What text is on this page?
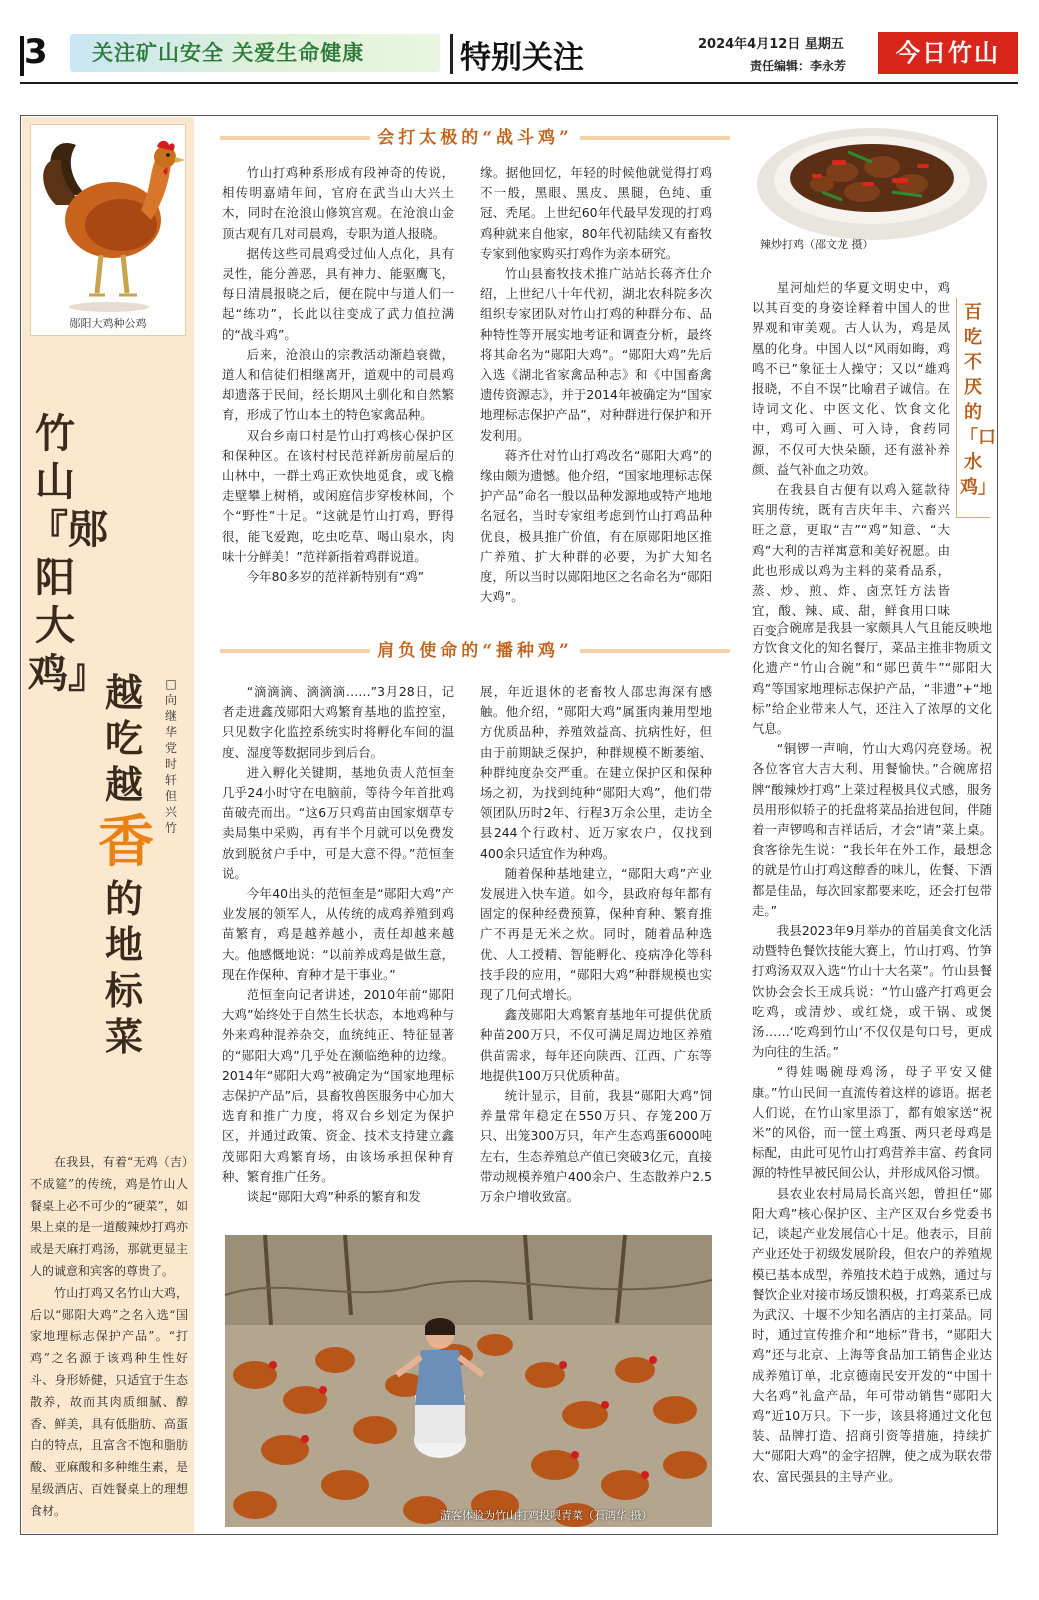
3	关注矿山安全 关爱生命健康	特别关注	2024年4月12日 星期五
责任编辑：李永芳	今日竹山
郧阳大鸡种公鸡
竹山『郧阳大鸡』
越吃越
香
的地标菜
□ 向继华 党时轩 但兴竹

在我县，有着“无鸡（吉）不成筵”的传统，鸡是竹山人餐桌上必不可少的“硬菜”，如果上桌的是一道酸辣炒打鸡亦或是天麻打鸡汤，那就更显主人的诚意和宾客的尊贵了。

竹山打鸡又名竹山大鸡，后以“郧阳大鸡”之名入选“国家地理标志保护产品”。“打鸡”之名源于该鸡种生性好斗、身形娇健，只适宜于生态散养，故而其肉质细腻、醇香、鲜美，具有低脂肪、高蛋白的特点，且富含不饱和脂肪酸、亚麻酸和多种维生素，是星级酒店、百姓餐桌上的理想食材。

会打太极的“战斗鸡”

竹山打鸡种系形成有段神奇的传说，相传明嘉靖年间，官府在武当山大兴土木，同时在沧浪山修筑宫观。在沧浪山金顶古观有几对司晨鸡，专职为道人报晓。

据传这些司晨鸡受过仙人点化，具有灵性，能分善恶，具有神力、能驱鹰飞，每日清晨报晓之后，便在院中与道人们一起“练功”，长此以往变成了武力值拉满的“战斗鸡”。

后来，沧浪山的宗教活动渐趋衰微，道人和信徒们相继离开，道观中的司晨鸡却遗落于民间，经长期风土驯化和自然繁育，形成了竹山本土的特色家禽品种。

双台乡南口村是竹山打鸡核心保护区和保种区。在该村村民范祥新房前屋后的山林中，一群土鸡正欢快地觅食，或飞檐走壁攀上树梢，或闲庭信步穿梭林间，个个“野性”十足。“这就是竹山打鸡，野得很，能飞爱跑，吃虫吃草、喝山泉水，肉味十分鲜美！”范祥新指着鸡群说道。

今年80多岁的范祥新特别有“鸡”

缘。据他回忆，年轻的时候他就觉得打鸡不一般，黑眼、黑皮、黑腿，色纯、重冠、秃尾。上世纪60年代最早发现的打鸡鸡种就来自他家，80年代初陆续又有畜牧专家到他家购买打鸡作为亲本研究。

竹山县畜牧技术推广站站长蒋齐仕介绍，上世纪八十年代初，湖北农科院多次组织专家团队对竹山打鸡的种群分布、品种特性等开展实地考证和调查分析，最终将其命名为“郧阳大鸡”。“郧阳大鸡”先后入选《湖北省家禽品种志》和《中国畜禽遗传资源志》，并于2014年被确定为“国家地理标志保护产品”，对种群进行保护和开发利用。

蒋齐仕对竹山打鸡改名“郧阳大鸡”的缘由颇为遗憾。他介绍，“国家地理标志保护产品”命名一般以品种发源地或特产地地名冠名，当时专家组考虑到竹山打鸡品种优良，极具推广价值，有在原郧阳地区推广养殖、扩大种群的必要，为扩大知名度，所以当时以郧阳地区之名命名为“郧阳大鸡”。

肩负使命的“播种鸡”

“滴滴滴、滴滴滴……”3月28日，记者走进鑫茂郧阳大鸡繁育基地的监控室，只见数字化监控系统实时将孵化车间的温度、湿度等数据同步到后台。

进入孵化关键期，基地负责人范恒奎几乎24小时守在电脑前，等待今年首批鸡苗破壳而出。“这6万只鸡苗由国家烟草专卖局集中采购，再有半个月就可以免费发放到脱贫户手中，可是大意不得。”范恒奎说。

今年40出头的范恒奎是“郧阳大鸡”产业发展的领军人，从传统的成鸡养殖到鸡苗繁育，鸡是越养越小，责任却越来越大。他感慨地说：“以前养成鸡是做生意，现在作保种、育种才是干事业。”

范恒奎向记者讲述，2010年前“郧阳大鸡”始终处于自然生长状态，本地鸡种与外来鸡种混养杂交，血统纯正、特征显著的“郧阳大鸡”几乎处在濒临绝种的边缘。2014年“郧阳大鸡”被确定为“国家地理标志保护产品”后，县畜牧兽医服务中心加大选育和推广力度，将双台乡划定为保护区，并通过政策、资金、技术支持建立鑫茂郧阳大鸡繁育场，由该场承担保种育种、繁育推广任务。

谈起“郧阳大鸡”种系的繁育和发

展，年近退休的老畜牧人邵忠海深有感触。他介绍，“郧阳大鸡”属蛋肉兼用型地方优质品种，养殖效益高、抗病性好，但由于前期缺乏保护，种群规模不断萎缩、种群纯度杂交严重。在建立保护区和保种场之初，为找到纯种“郧阳大鸡”，他们带领团队历时2年、行程3万余公里，走访全县244个行政村、近万家农户，仅找到400余只适宜作为种鸡。

随着保种基地建立，“郧阳大鸡”产业发展进入快车道。如今，县政府每年都有固定的保种经费预算，保种育种、繁育推广不再是无米之炊。同时，随着品种选优、人工授精、智能孵化、疫病净化等科技手段的应用，“郧阳大鸡”种群规模也实现了几何式增长。

鑫茂郧阳大鸡繁育基地年可提供优质种苗200万只，不仅可满足周边地区养殖供苗需求，每年还向陕西、江西、广东等地提供100万只优质种苗。

统计显示，目前，我县“郧阳大鸡”饲养量常年稳定在550万只、存笼200万只、出笼300万只，年产生态鸡蛋6000吨左右，生态养殖总产值已突破3亿元，直接带动规模养殖户400余户、生态散养户2.5万余户增收致富。

游客体验为竹山打鸡投喂青菜（石鸿华 摄）
辣炒打鸡（邵文龙 摄）
百吃不厌的「口水鸡」

星河灿烂的华夏文明史中，鸡以其百变的身姿诠释着中国人的世界观和审美观。古人认为，鸡是凤凰的化身。中国人以“风雨如晦，鸡鸣不已”象征士人操守；又以“雄鸡报晓，不自不误”比喻君子诚信。在诗词文化、中医文化、饮食文化中，鸡可入画、可入诗，食药同源，不仅可大快朵颐，还有滋补养颜、益气补血之功效。

在我县自古便有以鸡入筵款待宾朋传统，既有吉庆年丰、六畜兴旺之意，更取“吉”“鸡”知意、“大鸡”大利的吉祥寓意和美好祝愿。由此也形成以鸡为主料的菜肴品系，蒸、炒、煎、炸、卤烹饪方法皆宜，酸、辣、咸、甜，鲜食用口味百变。

合碗席是我县一家颇具人气且能反映地方饮食文化的知名餐厅，菜品主推非物质文化遗产“竹山合碗”和“郧巴黄牛”“郧阳大鸡”等国家地理标志保护产品，“非遗”+“地标”给企业带来人气，还注入了浓厚的文化气息。

“铜锣一声响，竹山大鸡闪亮登场。祝各位客官大吉大利、用餐愉快。”合碗席招牌“酸辣炒打鸡”上菜过程极具仪式感，服务员用形似轿子的托盘将菜品抬进包间，伴随着一声锣鸣和吉祥话后，才会“请”菜上桌。食客徐先生说：“我长年在外工作，最想念的就是竹山打鸡这醇香的味儿，佐餐、下酒都是佳品，每次回家都要来吃，还会打包带走。”

我县2023年9月举办的首届美食文化活动暨特色餐饮技能大赛上，竹山打鸡、竹笋打鸡汤双双入选“竹山十大名菜”。竹山县餐饮协会会长王成兵说：“竹山盛产打鸡更会吃鸡，或清炒、或红烧，或干锅、或煲汤……‘吃鸡到竹山’不仅仅是句口号，更成为向往的生活。”

“得娃喝碗母鸡汤，母子平安又健康。”竹山民间一直流传着这样的谚语。据老人们说，在竹山家里添丁，都有娘家送“祝米”的风俗，而一筐土鸡蛋、两只老母鸡是标配，由此可见竹山打鸡营养丰富、药食同源的特性早被民间公认，并形成风俗习惯。

县农业农村局局长高兴恕，曾担任“郧阳大鸡”核心保护区、主产区双台乡党委书记，谈起产业发展信心十足。他表示，目前产业还处于初级发展阶段，但农户的养殖规模已基本成型，养殖技术趋于成熟，通过与餐饮企业对接市场反馈积极，打鸡菜系已成为武汉、十堰不少知名酒店的主打菜品。同时，通过宣传推介和“地标”背书，“郧阳大鸡”还与北京、上海等食品加工销售企业达成养殖订单，北京德南民安开发的“中国十大名鸡”礼盒产品，年可带动销售“郧阳大鸡”近10万只。下一步，该县将通过文化包装、品牌打造、招商引资等措施，持续扩大“郧阳大鸡”的金字招牌，使之成为联农带农、富民强县的主导产业。
